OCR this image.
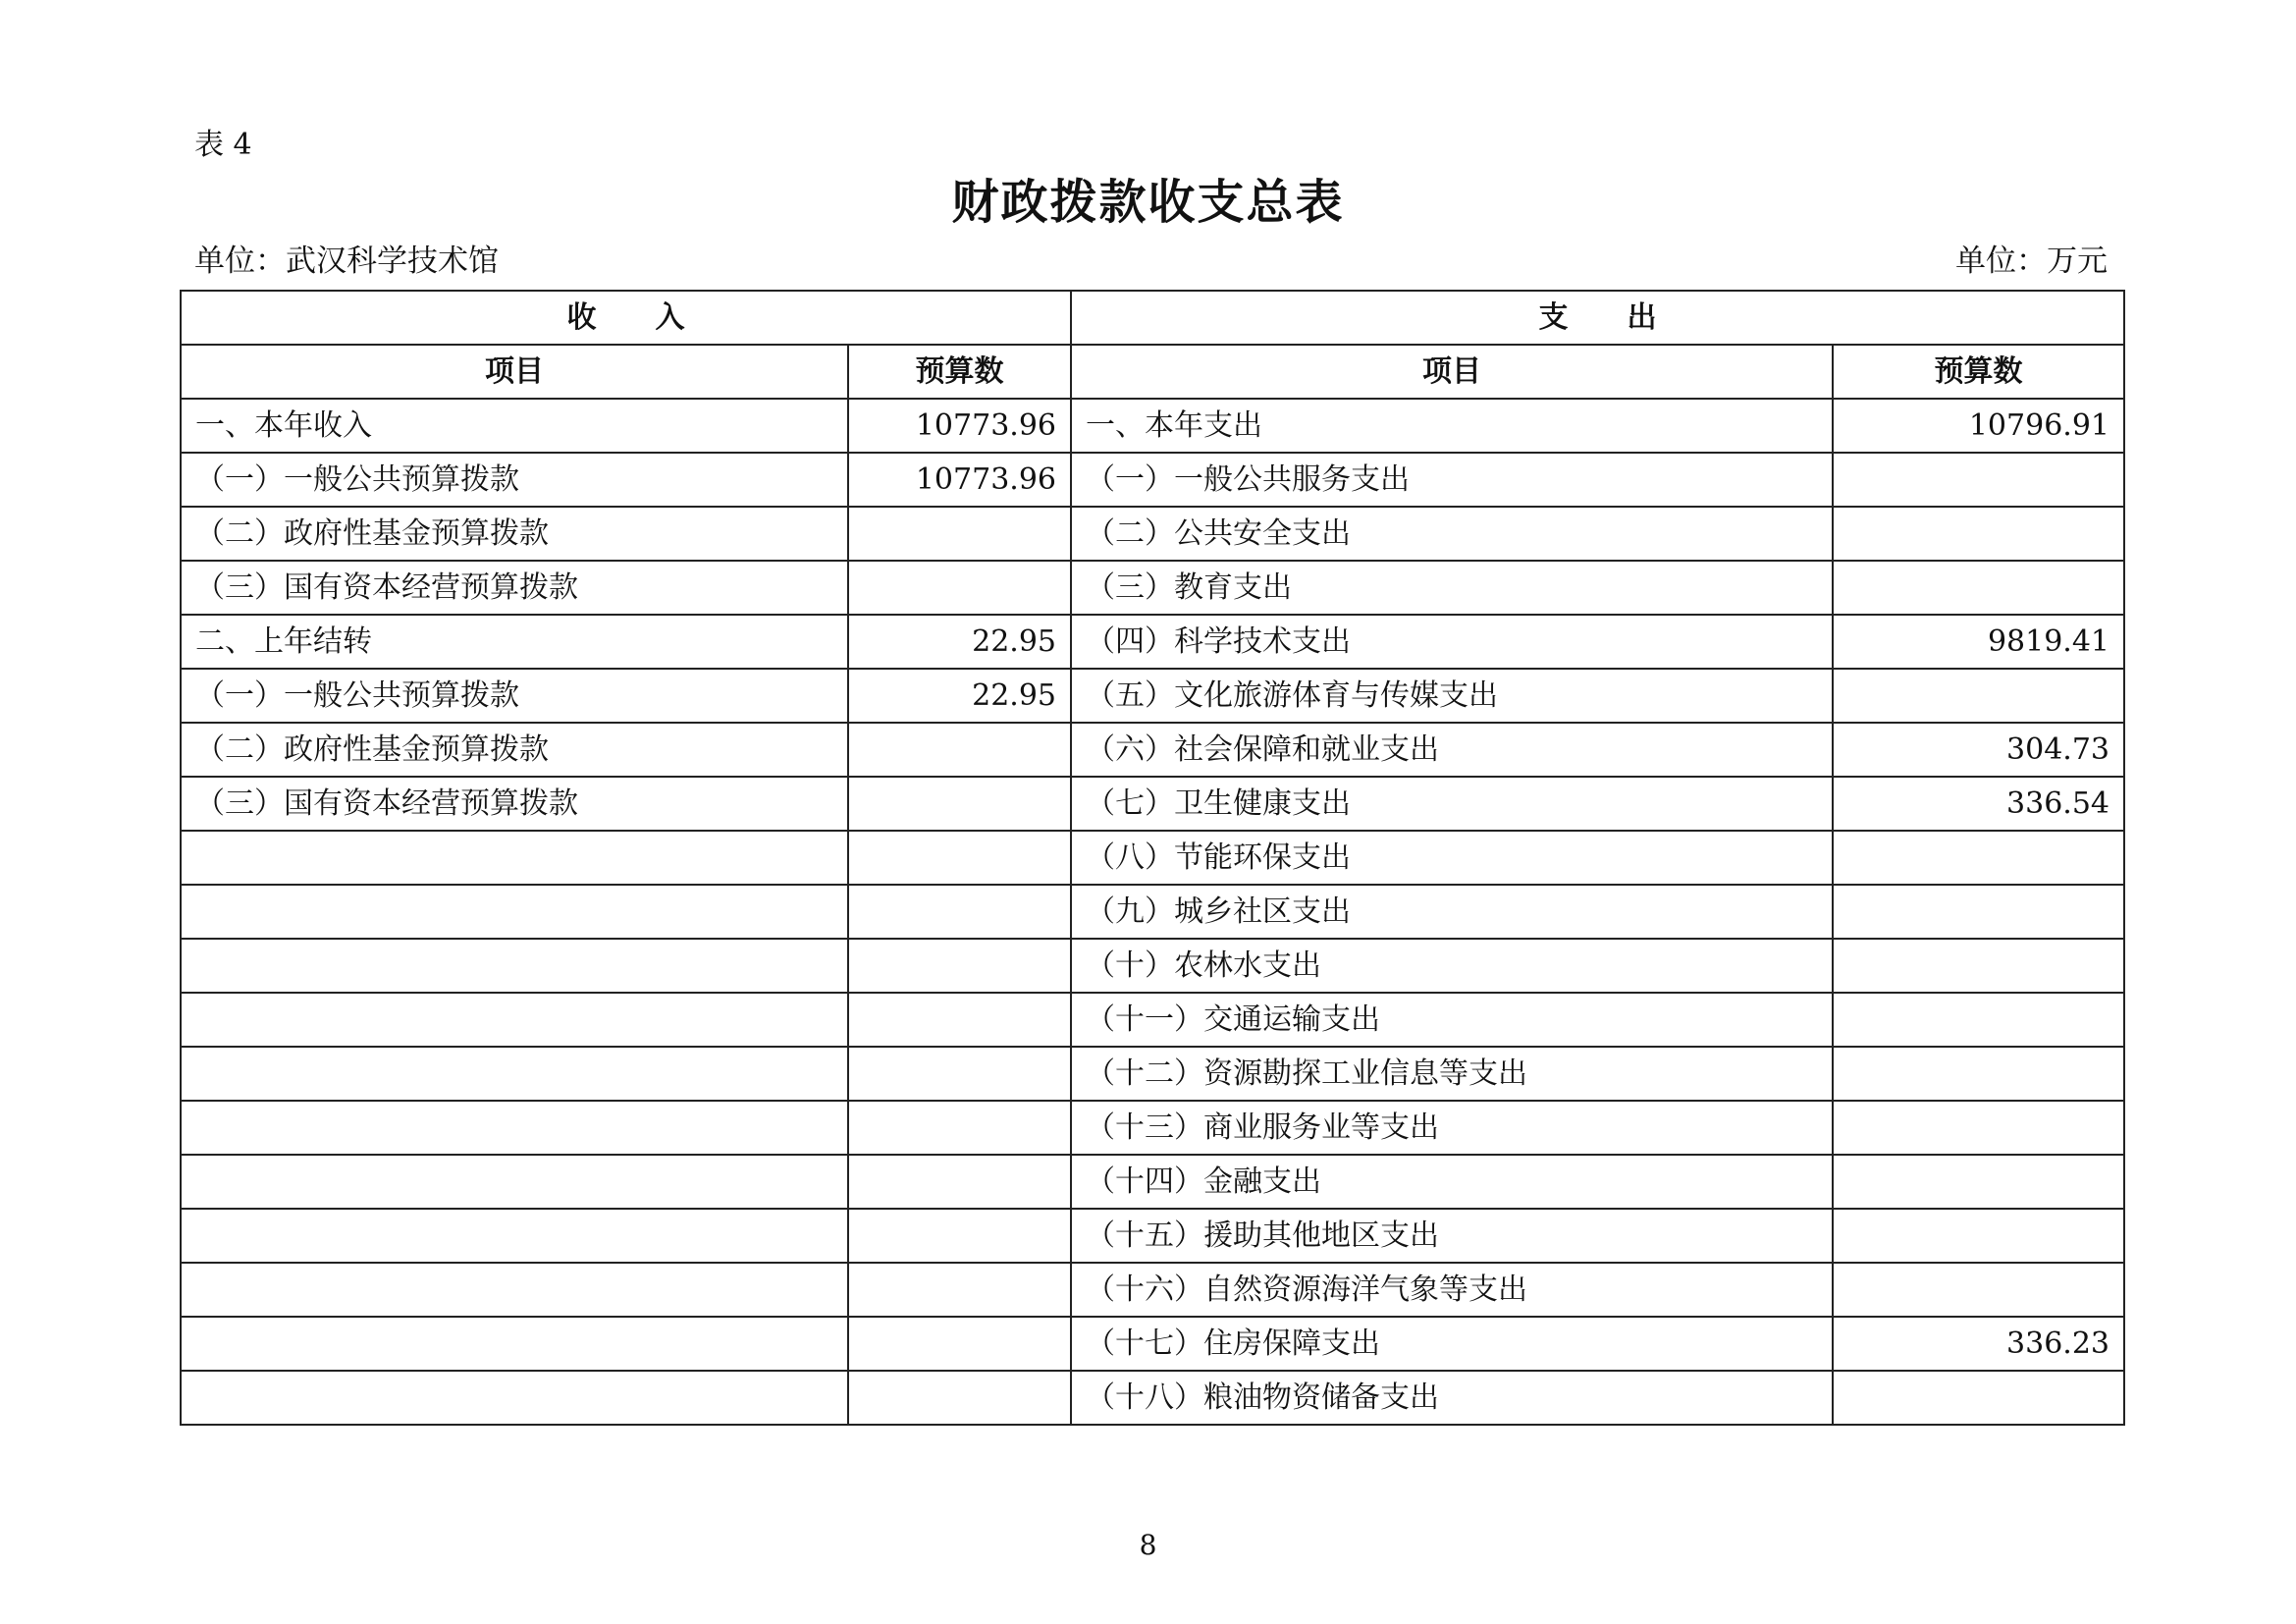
表 4
财政拨款收支总表
单位：武汉科学技术馆	单位：万元
收入		支出	
项目	预算数	项目	预算数
一、本年收入	10773.96	一、本年支出	10796.91
（一）一般公共预算拨款	10773.96	（一）一般公共服务支出	
（二）政府性基金预算拨款		（二）公共安全支出	
（三）国有资本经营预算拨款		（三）教育支出	
二、上年结转	22.95	（四）科学技术支出	9819.41
（一）一般公共预算拨款	22.95	（五）文化旅游体育与传媒支出	
（二）政府性基金预算拨款		（六）社会保障和就业支出	304.73
（三）国有资本经营预算拨款		（七）卫生健康支出	336.54
		（八）节能环保支出	
		（九）城乡社区支出	
		（十）农林水支出	
		（十一）交通运输支出	
		（十二）资源勘探工业信息等支出	
		（十三）商业服务业等支出	
		（十四）金融支出	
		（十五）援助其他地区支出	
		（十六）自然资源海洋气象等支出	
		（十七）住房保障支出	336.23
		（十八）粮油物资储备支出	
8
